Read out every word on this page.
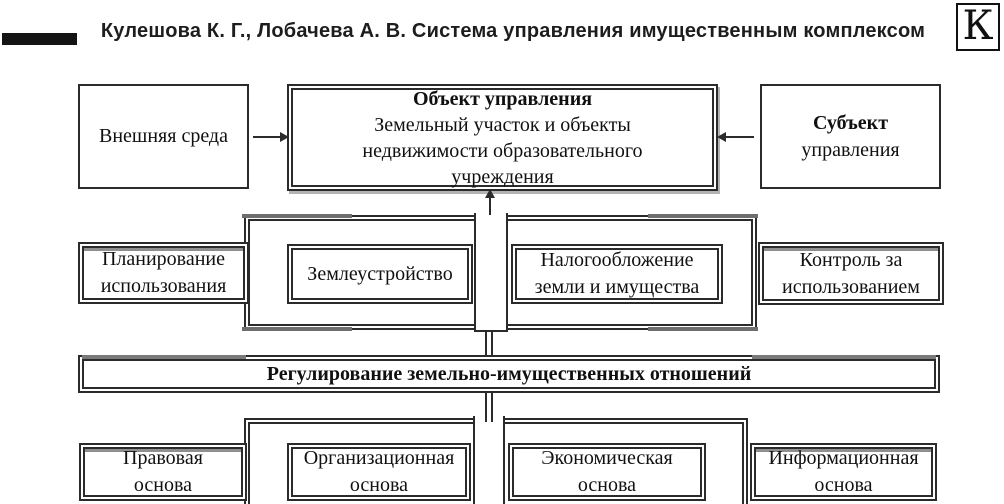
Кулешова К. Г., Лобачева А. В. Система управления имущественным комплексом К
Внешняя среда
Объект управления
Земельный участок и объекты
недвижимости образовательного
учреждения
Субъект
управления
Планирование
использования
Землеустройство
Налогообложение
земли и имущества
Контроль за
использованием
Регулирование земельно-имущественных отношений
Правовая
основа
Организационная
основа
Экономическая
основа
Информационная
основа
